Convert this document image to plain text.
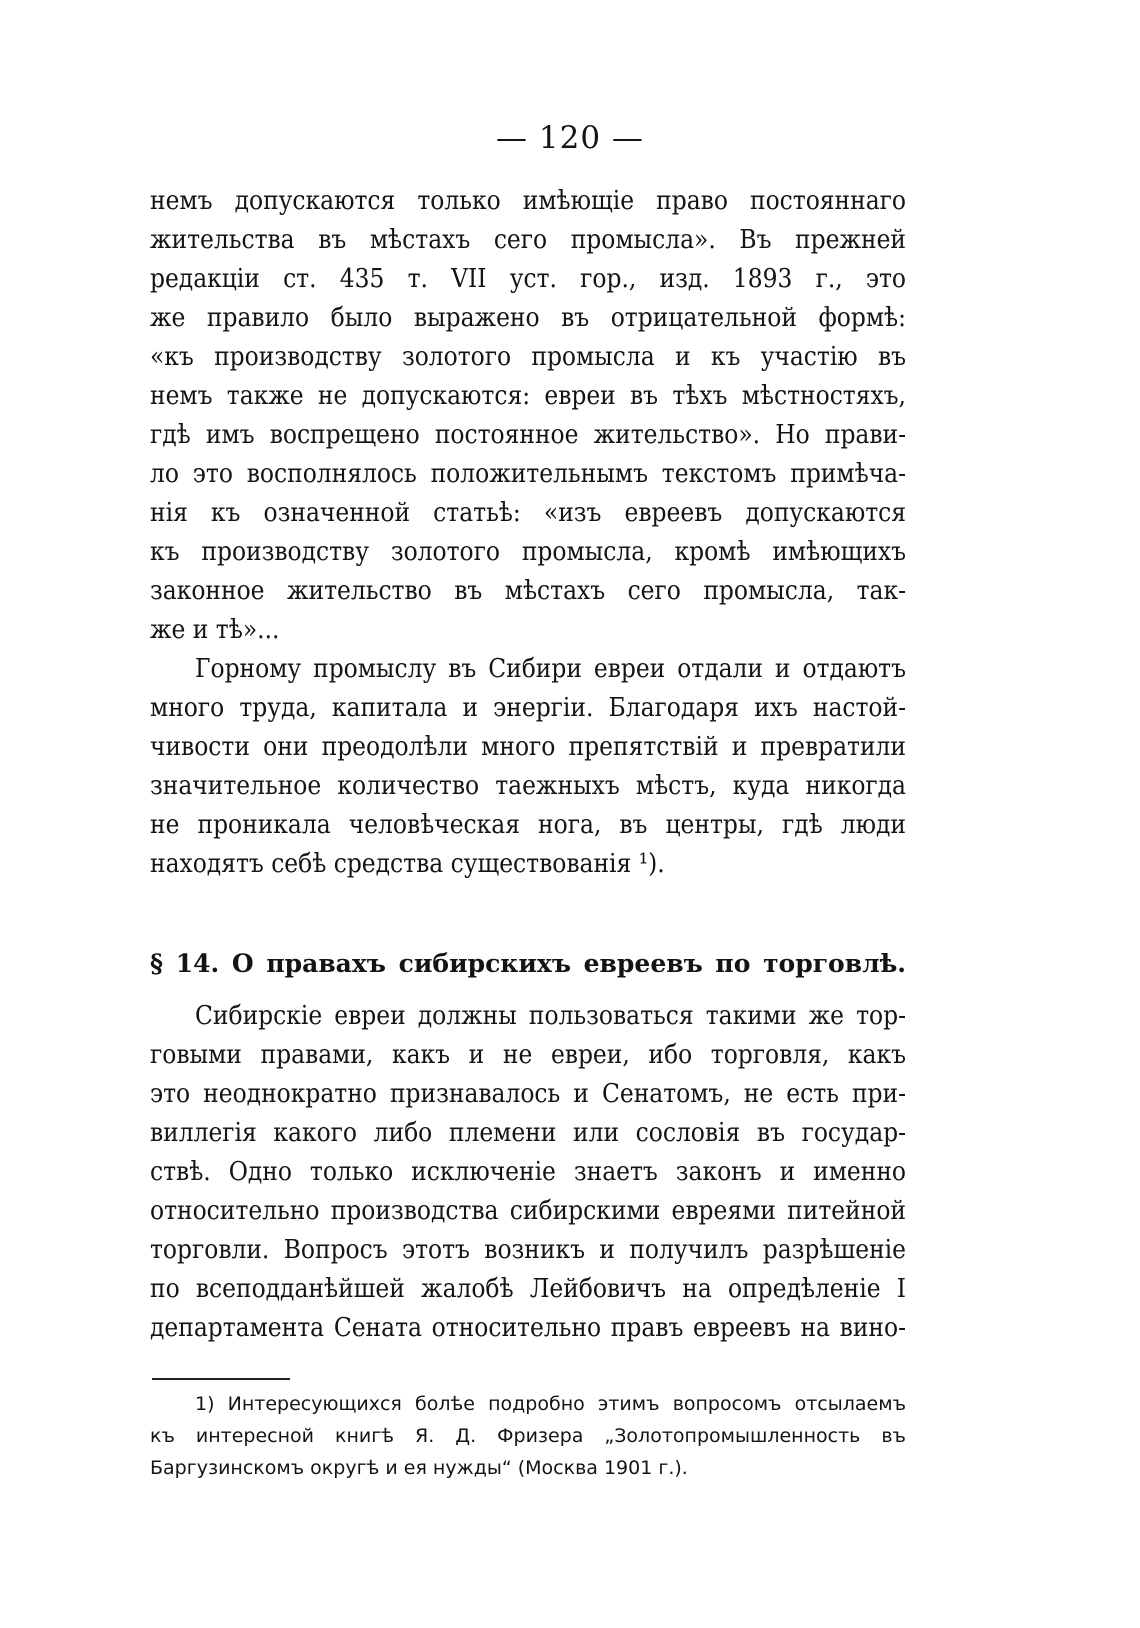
— 120 —
немъ допускаются только имѣющіе право постояннаго
жительства въ мѣстахъ сего промысла». Въ прежней
редакціи ст. 435 т. VII уст. гор., изд. 1893 г., это
же правило было выражено въ отрицательной формѣ:
«къ производству золотого промысла и къ участію въ
немъ также не допускаются: евреи въ тѣхъ мѣстностяхъ,
гдѣ имъ воспрещено постоянное жительство». Но прави-
ло это восполнялось положительнымъ текстомъ примѣча-
нія къ означенной статьѣ: «изъ евреевъ допускаются
къ производству золотого промысла, кромѣ имѣющихъ
законное жительство въ мѣстахъ сего промысла, так-
же и тѣ»...
Горному промыслу въ Сибири евреи отдали и отдаютъ
много труда, капитала и энергіи. Благодаря ихъ настой-
чивости они преодолѣли много препятствій и превратили
значительное количество таежныхъ мѣстъ, куда никогда
не проникала человѣческая нога, въ центры, гдѣ люди
находятъ себѣ средства существованія ¹).
§ 14. О правахъ сибирскихъ евреевъ по торговлѣ.
Сибирскіе евреи должны пользоваться такими же тор-
говыми правами, какъ и не евреи, ибо торговля, какъ
это неоднократно признавалось и Сенатомъ, не есть при-
виллегія какого либо племени или сословія въ государ-
ствѣ. Одно только исключеніе знаетъ законъ и именно
относительно производства сибирскими евреями питейной
торговли. Вопросъ этотъ возникъ и получилъ разрѣшеніе
по всеподданѣйшей жалобѣ Лейбовичъ на опредѣленіе I
департамента Сената относительно правъ евреевъ на вино-
1) Интересующихся болѣе подробно этимъ вопросомъ отсылаемъ
къ интересной книгѣ Я. Д. Фризера „Золотопромышленность въ
Баргузинскомъ округѣ и ея нужды“ (Москва 1901 г.).
